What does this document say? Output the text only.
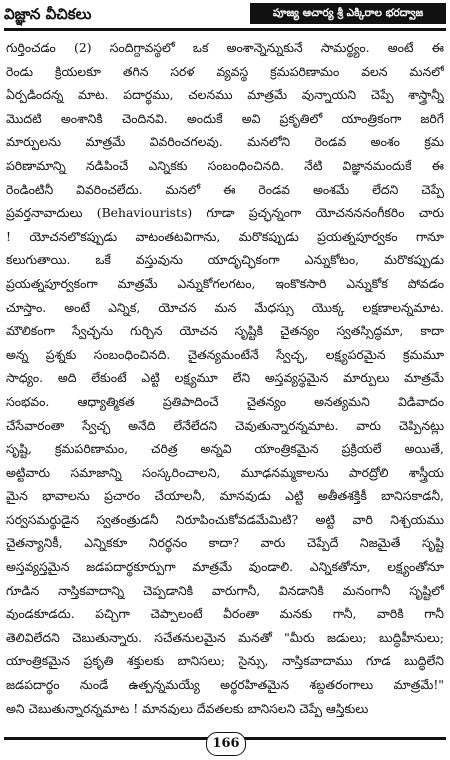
విజ్ఞాన వీచికలు	పూజ్య ఆచార్య శ్రీ ఎక్కిరాల భరద్వాజ
గుర్తించడం (2) సందిగ్దావస్థలో ఒక అంశాన్నెన్నుకునే సామర్థ్యం. అంటే ఈ
రెండు క్రియలకూ తగిన సరళ వ్యవస్థ క్రమపరిణామం వలన మనలో
ఏర్పడిందన్న మాట. పదార్థము, చలనము మాత్రమే వున్నాయని చెప్పే శాస్త్రాన్నీ
మొదటి అంశానికి చెందినవి. అందుకే అవి ప్రకృతిలో యాంత్రికంగా జరిగే
మార్పులను మాత్రమే వివరించగలవు. మనలోని రెండవ అంశం క్రమ
పరిణామాన్ని నడిపించే ఎన్నికకు సంబంధించినది. నేటి విజ్ఞానమందుకే ఈ
రెండింటినీ వివరించలేదు. మనలో ఈ రెండవ అంశమే లేదని చెప్పే
ప్రవర్తనావాదులు (Behaviourists) గూడా ప్రచ్ఛన్నంగా యోచనననంగీకరిం చారు
! యోచనలొకప్పుడు వాటంతటవిగాను, మరొకప్పుడు ప్రయత్నపూర్వకం గానూ
కలుగుతాయి. ఒకే వస్తువును యాదృచ్ఛికంగా ఎన్నుకోటం, మరొకప్పుడు
ప్రయత్నపూర్వకంగా మాత్రమే ఎన్నుకోగలగటం, ఇంకొకసారి ఎన్నుకోక పోవడం
చూస్తాం. అంటే ఎన్నిక, యోచన మన మేధస్సు యొక్క లక్షణాలన్నమాట.
మౌలికంగా స్వేచ్ఛను గుర్చిన యోచన సృష్టికి చైతన్యం స్వతస్సిద్ధమా, కాదా
అన్న ప్రశ్నకు సంబంధించినది. చైతన్యమంటేనే స్వేచ్ఛ, లక్ష్యపరమైన క్రమమూ
సాధ్యం. అది లేకుంటే ఎట్టి లక్ష్యమూ లేని అస్తవ్యస్థమైన మార్పులు మాత్రమే
సంభవం. ఆధ్యాత్మికత ప్రతిపాదించే చైతన్యం అనత్యమని విడివాదం
చేసేవారంతా స్వేచ్ఛ అనేది లేనేలేదని చెవుతున్నారన్నమాట. వారు చెప్పినట్లు
సృష్టి, క్రమపరిణామం, చరిత్ర అన్నవి యాంత్రికమైన ప్రక్రియలే అయితే,
అట్టివారు సమాజాన్ని సంస్కరించాలని, మూఢనమ్మకాలను పారద్రోలి శాస్త్రీయ
మైన భావాలను ప్రచారం చేయాలనీ, మానవుడు ఎట్టి అతీతశక్తికీ బానిసకాడనీ,
సర్వసమర్థుడైన స్వతంత్రుడనీ నిరూపించుకోవడమేమిటి? అట్టి వారి నిశ్చయము
చైతన్యానికీ, ఎన్నికకూ నిరర్థనం కాదా? వారు చెప్పేదే నిజమైతే సృష్టి
అస్తవ్యస్తమైన జడపదార్థకూర్పుగా మాత్రమే వుండాలి. ఎన్నికతోనూ, లక్ష్యంతోనూ
గూడిన నాస్తికవాదాన్ని చెప్పడానికి వారుగానీ, వినడానికి మనంగానీ సృష్టిలో
వుండకూడదు. పచ్చిగా చెప్పాలంటే వీరంతా మనకు గానీ, వారికి గానీ
తెలివిలేదని చెబుతున్నారు. సచేతనులమైన మనతో "మీరు జడులు; బుద్ధిహీనులు;
యాంత్రికమైన ప్రకృతి శక్తులకు బానిసలు; సైన్సు, నాస్తికవాదాము గూడ బుద్ధిలేని
జడపదార్థం నుండే ఉత్పన్నమయ్యే అర్థరహితమైన శబ్దతరంగాలు మాత్రమే!"
అని చెబుతున్నారన్నమాట ! మానవులు దేవతలకు బానిసలని చెప్పే ఆస్తికులు
166
